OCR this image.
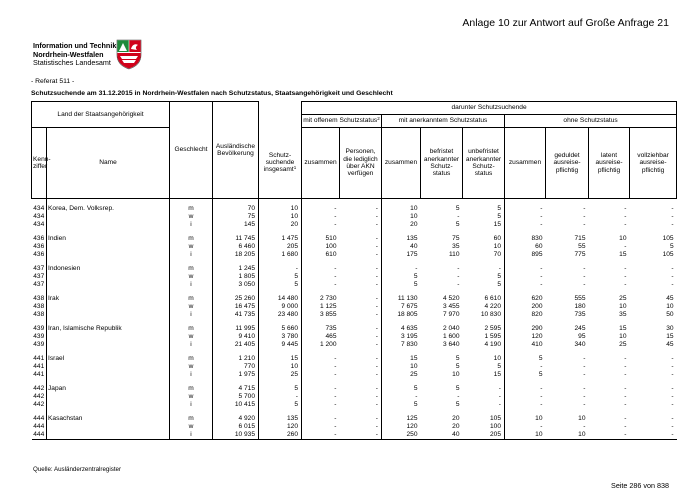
Anlage 10 zur Antwort auf Große Anfrage 21
Information und Technik
Nordrhein-Westfalen
Statistisches Landesamt
- Referat 511 -
Schutzsuchende am 31.12.2015 in Nordrhein-Westfalen nach Schutzstatus, Staatsangehörigkeit und Geschlecht
Land der Staatsangehörigkeit		Geschlecht	Ausländische Bevölkerung		darunter Schutzsuchende								
					mit offenem Schutzstatus$^2$		mit anerkanntem Schutzstatus			ohne Schutzstatus			
Kenn-ziffer	Name			Schutz-suchende insgesamt$^1$	zusammen	Personen, die lediglich über AKN verfügen	zusammen	befristet anerkannter Schutz-status	unbefristet anerkannter Schutz-status	zusammen	geduldet ausreise-pflichtig	latent ausreise-pflichtig	vollziehbar ausreise-pflichtig

434	Korea, Dem. Volksrep.	m	70	10	-	-	10	5	5	-	-	-	-
434		w	75	10	-	-	10	-	5	-	-	-	-
434		i	145	20	-	-	20	5	15	-	-	-	-

436	Indien	m	11 745	1 475	510	-	135	75	60	830	715	10	105
436		w	6 460	205	100	-	40	35	10	60	55	-	5
436		i	18 205	1 680	610	-	175	110	70	895	775	15	105

437	Indonesien	m	1 245	-	-	-	-	-	-	-	-	-	-
437		w	1 805	5	-	-	5	-	5	-	-	-	-
437		i	3 050	5	-	-	5	-	5	-	-	-	-

438	Irak	m	25 260	14 480	2 730	-	11 130	4 520	6 610	620	555	25	45
438		w	16 475	9 000	1 125	-	7 675	3 455	4 220	200	180	10	10
438		i	41 735	23 480	3 855	-	18 805	7 970	10 830	820	735	35	50

439	Iran, Islamische Republik	m	11 995	5 660	735	-	4 635	2 040	2 595	290	245	15	30
439		w	9 410	3 780	465	-	3 195	1 600	1 595	120	95	10	15
439		i	21 405	9 445	1 200	-	7 830	3 640	4 190	410	340	25	45

441	Israel	m	1 210	15	-	-	15	5	10	5	-	-	-
441		w	770	10	-	-	10	5	5	-	-	-	-
441		i	1 975	25	-	-	25	10	15	5	-	-	-

442	Japan	m	4 715	5	-	-	5	5	-	-	-	-	-
442		w	5 700	-	-	-	-	-	-	-	-	-	-
442		i	10 415	5	-	-	5	5	-	-	-	-	-

444	Kasachstan	m	4 920	135	-	-	125	20	105	10	10	-	-
444		w	6 015	120	-	-	120	20	100	-	-	-	-
444		i	10 935	260	-	-	250	40	205	10	10	-	-
Quelle: Ausländerzentralregister
Seite 286 von 838
